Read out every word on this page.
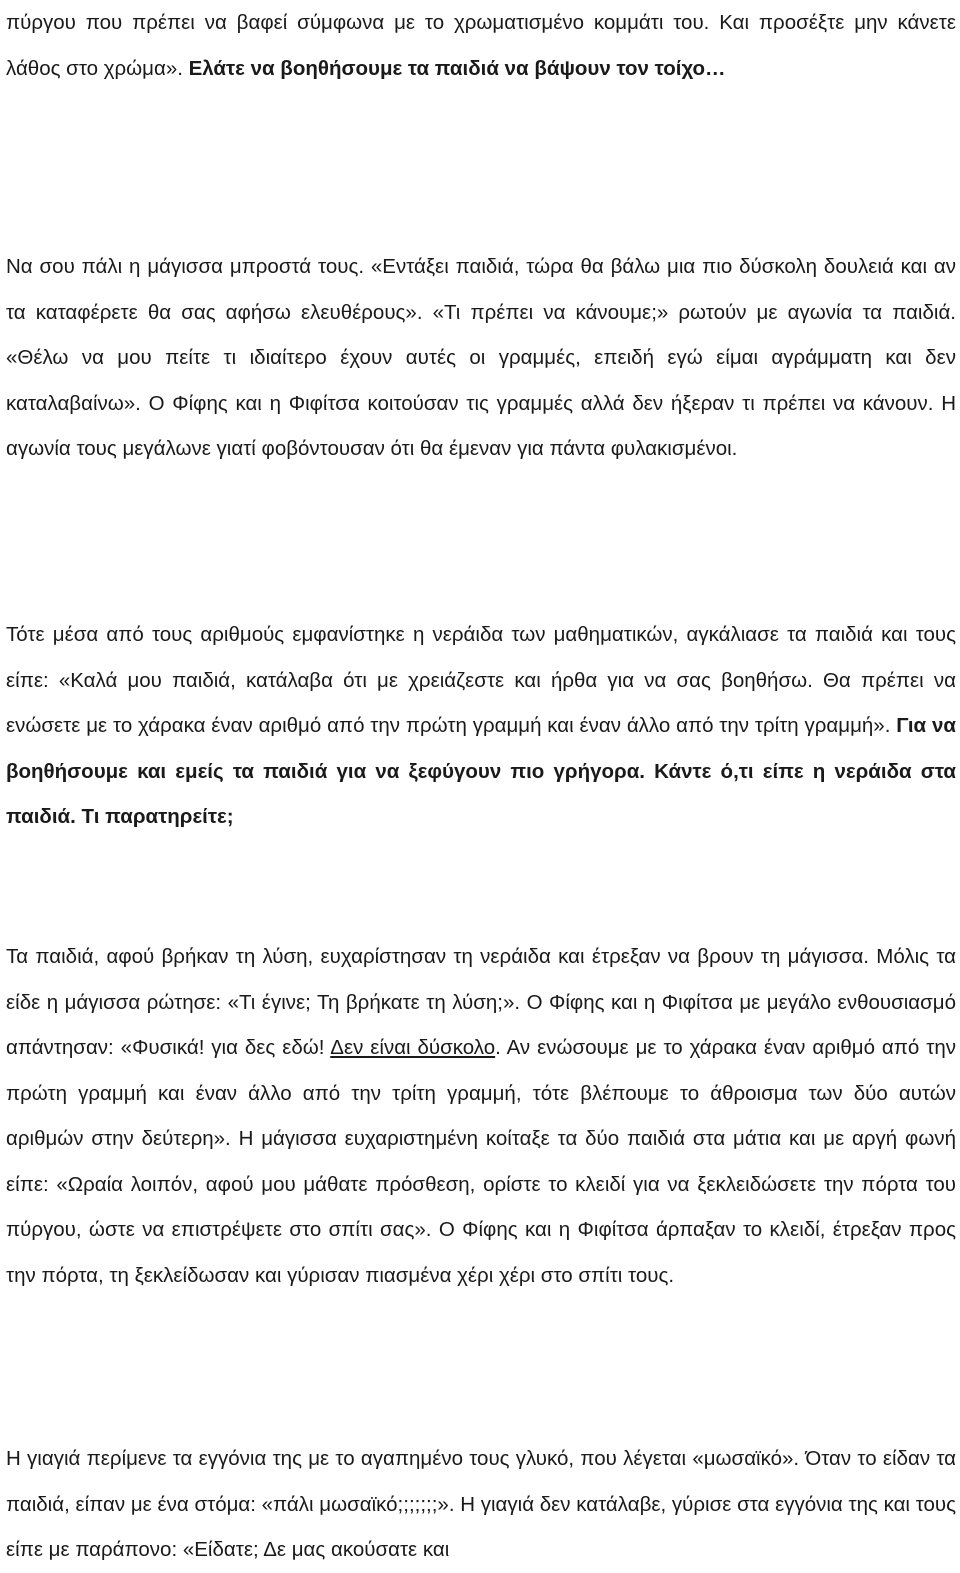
πύργου που πρέπει να βαφεί σύμφωνα με το χρωματισμένο κομμάτι του. Και προσέξτε μην κάνετε λάθος στο χρώμα». Ελάτε να βοηθήσουμε τα παιδιά να βάψουν τον τοίχο…

Να σου πάλι η μάγισσα μπροστά τους. «Εντάξει παιδιά, τώρα θα βάλω μια πιο δύσκολη δουλειά και αν τα καταφέρετε θα σας αφήσω ελευθέρους». «Τι πρέπει να κάνουμε;» ρωτούν με αγωνία τα παιδιά. «Θέλω να μου πείτε τι ιδιαίτερο έχουν αυτές οι γραμμές, επειδή εγώ είμαι αγράμματη και δεν καταλαβαίνω». Ο Φίφης και η Φιφίτσα κοιτούσαν τις γραμμές αλλά δεν ήξεραν τι πρέπει να κάνουν. Η αγωνία τους μεγάλωνε γιατί φοβόντουσαν ότι θα έμεναν για πάντα φυλακισμένοι.

Τότε μέσα από τους αριθμούς εμφανίστηκε η νεράιδα των μαθηματικών, αγκάλιασε τα παιδιά και τους είπε: «Καλά μου παιδιά, κατάλαβα ότι με χρειάζεστε και ήρθα για να σας βοηθήσω. Θα πρέπει να ενώσετε με το χάρακα έναν αριθμό από την πρώτη γραμμή και έναν άλλο από την τρίτη γραμμή». Για να βοηθήσουμε και εμείς τα παιδιά για να ξεφύγουν πιο γρήγορα. Κάντε ό,τι είπε η νεράιδα στα παιδιά. Τι παρατηρείτε;

Τα παιδιά, αφού βρήκαν τη λύση, ευχαρίστησαν τη νεράιδα και έτρεξαν να βρουν τη μάγισσα. Μόλις τα είδε η μάγισσα ρώτησε: «Τι έγινε; Τη βρήκατε τη λύση;». Ο Φίφης και η Φιφίτσα με μεγάλο ενθουσιασμό απάντησαν: «Φυσικά! για δες εδώ! Δεν είναι δύσκολο. Αν ενώσουμε με το χάρακα έναν αριθμό από την πρώτη γραμμή και έναν άλλο από την τρίτη γραμμή, τότε βλέπουμε το άθροισμα των δύο αυτών αριθμών στην δεύτερη». Η μάγισσα ευχαριστημένη κοίταξε τα δύο παιδιά στα μάτια και με αργή φωνή είπε: «Ωραία λοιπόν, αφού μου μάθατε πρόσθεση, ορίστε το κλειδί για να ξεκλειδώσετε την πόρτα του πύργου, ώστε να επιστρέψετε στο σπίτι σας». Ο Φίφης και η Φιφίτσα άρπαξαν το κλειδί, έτρεξαν προς την πόρτα, τη ξεκλείδωσαν και γύρισαν πιασμένα χέρι χέρι στο σπίτι τους.

Η γιαγιά περίμενε τα εγγόνια της με το αγαπημένο τους γλυκό, που λέγεται «μωσαϊκό». Όταν το είδαν τα παιδιά, είπαν με ένα στόμα: «πάλι μωσαϊκό;;;;;;;». Η γιαγιά δεν κατάλαβε, γύρισε στα εγγόνια της και τους είπε με παράπονο: «Είδατε; Δε μας ακούσατε και
